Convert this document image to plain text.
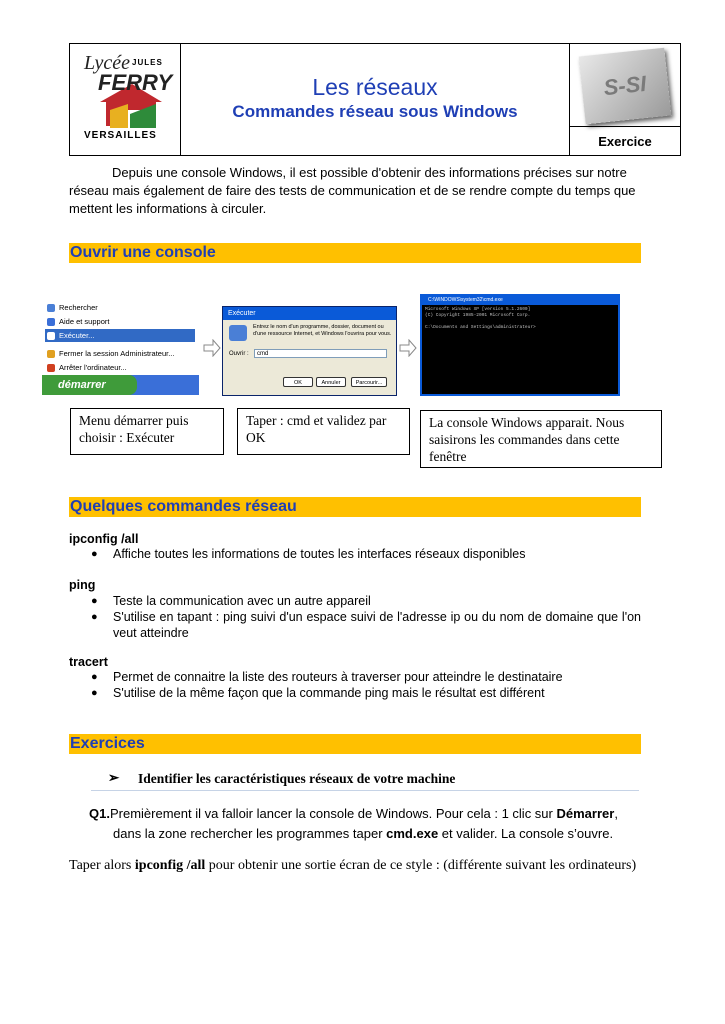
Lycée JULES
FERRY
VERSAILLES
Les réseaux
Commandes réseau sous Windows
S-SI
Exercice

Depuis une console Windows, il est possible d'obtenir des informations précises sur notre réseau mais également de faire des tests de communication et de se rendre compte du temps que mettent les informations à circuler.

Ouvrir une console
Rechercher
Aide et support
Exécuter...
Fermer la session Administrateur...
Arrêter l'ordinateur...
démarrer
Exécuter
Entrez le nom d'un programme, dossier, document ou d'une ressource Internet, et Windows l'ouvrira pour vous.
Ouvrir :	cmd
OK	Annuler	Parcourir...
C:\WINDOWS\system32\cmd.exe
Microsoft Windows XP [version 5.1.2600]
(C) Copyright 1985-2001 Microsoft Corp.

C:\Documents and Settings\administrateur>
Menu démarrer puis choisir : Exécuter
Taper : cmd et validez par OK
La console Windows apparait. Nous saisirons les commandes dans cette fenêtre
Quelques commandes réseau
ipconfig /all
● Affiche toutes les informations de toutes les interfaces réseaux disponibles
ping
● Teste la communication avec un autre appareil
● S'utilise en tapant : ping suivi d'un espace suivi de l'adresse ip ou du nom de domaine que l'on veut atteindre
tracert
● Permet de connaitre la liste des routeurs à traverser pour atteindre le destinataire
● S'utilise de la même façon que la commande ping mais le résultat est différent
Exercices
➢ Identifier les caractéristiques réseaux de votre machine
Q1.Premièrement il va falloir lancer la console de Windows. Pour cela : 1 clic sur Démarrer,
dans la zone rechercher les programmes taper cmd.exe et valider. La console s’ouvre.
Taper alors ipconfig /all pour obtenir une sortie écran de ce style : (différente suivant les ordinateurs)
